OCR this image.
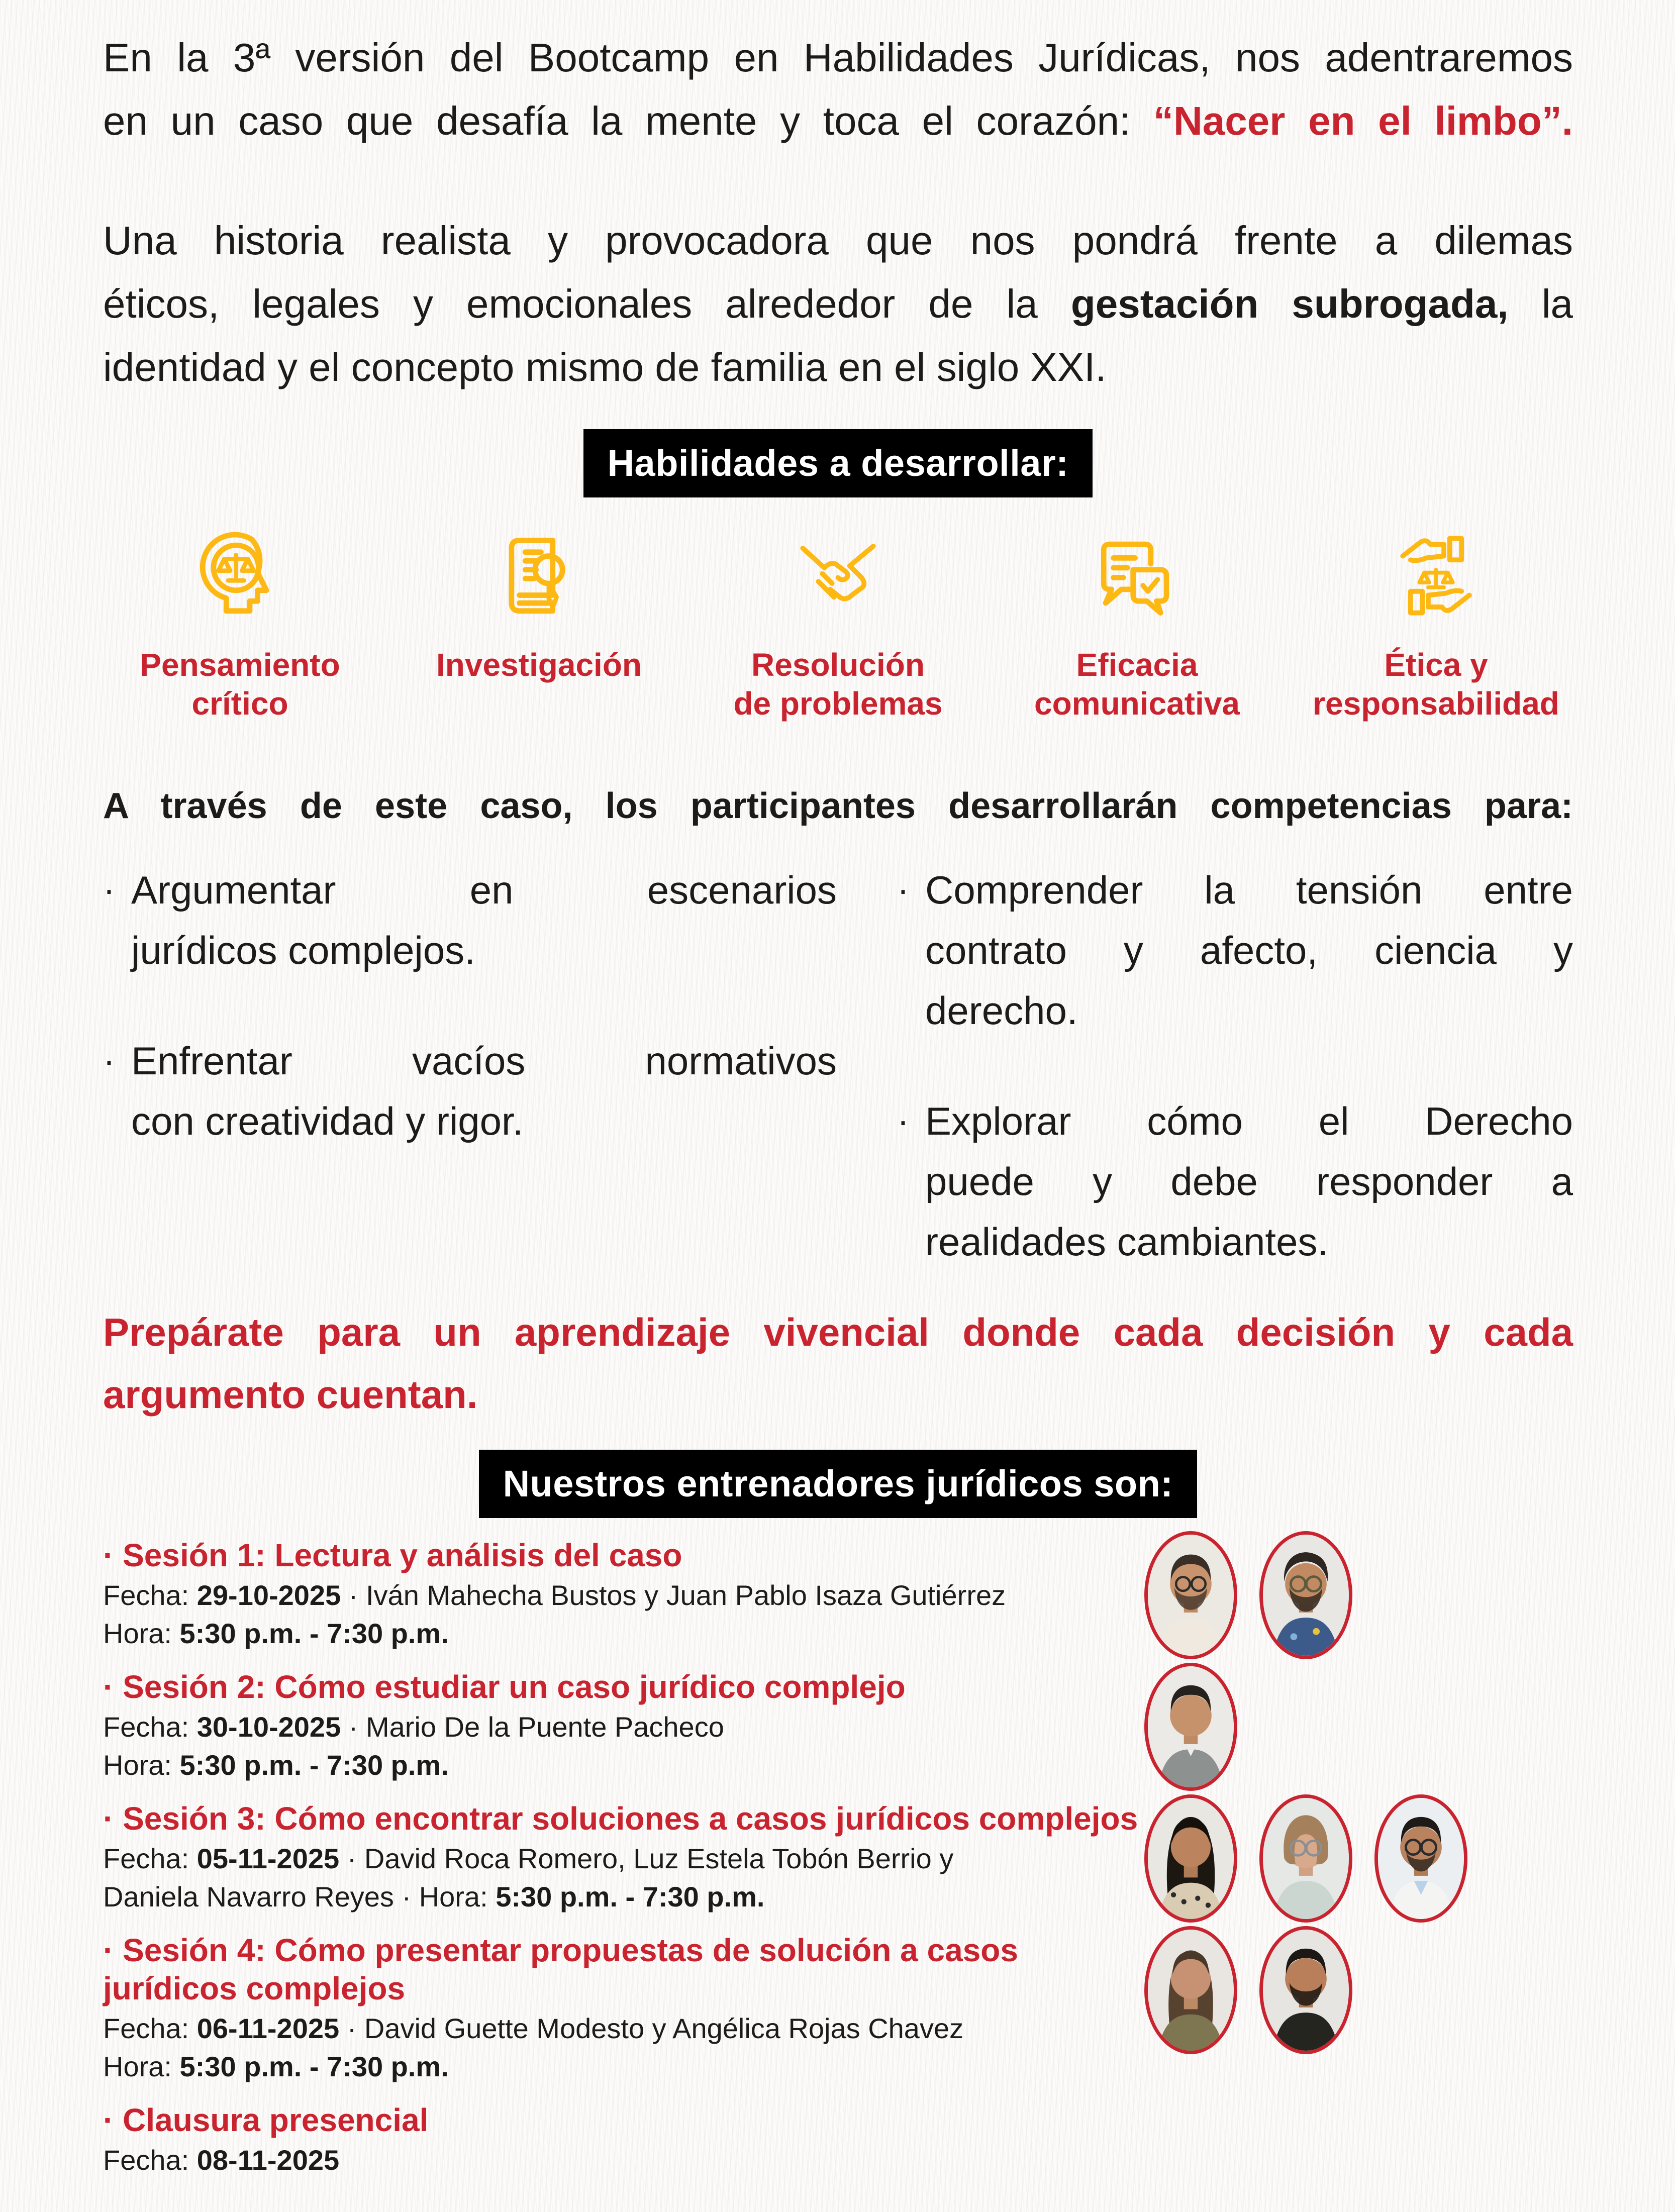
En la 3ª versión del Bootcamp en Habilidades Jurídicas, nos adentraremos
en un caso que desafía la mente y toca el corazón: “Nacer en el limbo”.
Una historia realista y provocadora que nos pondrá frente a dilemas
éticos, legales y emocionales alrededor de la gestación subrogada, la
identidad y el concepto mismo de familia en el siglo XXI.
Habilidades a desarrollar:
Pensamiento
crítico
Investigación	Resolución
de problemas
Eficacia
comunicativa
Ética y
responsabilidad
A través de este caso, los participantes desarrollarán competencias para:
· Argumentar en escenarios
jurídicos complejos.
· Enfrentar vacíos normativos
con creatividad y rigor.
· Comprender la tensión entre
contrato y afecto, ciencia y
derecho.
· Explorar cómo el Derecho
puede y debe responder a
realidades cambiantes.
Prepárate para un aprendizaje vivencial donde cada decisión y cada
argumento cuentan.
Nuestros entrenadores jurídicos son:
· Sesión 1: Lectura y análisis del caso
Fecha: 29-10-2025 · Iván Mahecha Bustos y Juan Pablo Isaza Gutiérrez
Hora: 5:30 p.m. - 7:30 p.m.
· Sesión 2: Cómo estudiar un caso jurídico complejo
Fecha: 30-10-2025 · Mario De la Puente Pacheco
Hora: 5:30 p.m. - 7:30 p.m.
· Sesión 3: Cómo encontrar soluciones a casos jurídicos complejos
Fecha: 05-11-2025 · David Roca Romero, Luz Estela Tobón Berrio y
Daniela Navarro Reyes · Hora: 5:30 p.m. - 7:30 p.m.
· Sesión 4: Cómo presentar propuestas de solución a casos jurídicos complejos
Fecha: 06-11-2025 · David Guette Modesto y Angélica Rojas Chavez
Hora: 5:30 p.m. - 7:30 p.m.
· Clausura presencial
Fecha: 08-11-2025
